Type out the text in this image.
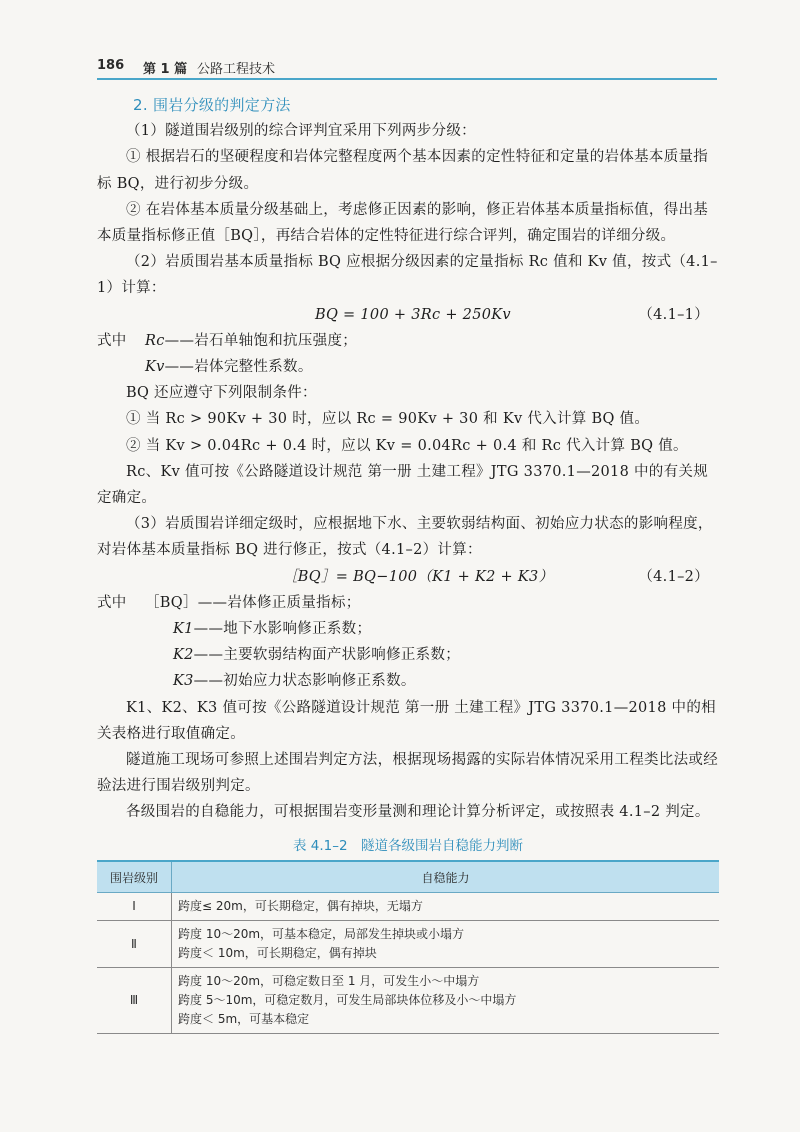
186 第 1 篇 公路工程技术

2. 围岩分级的判定方法

（1）隧道围岩级别的综合评判宜采用下列两步分级：

① 根据岩石的坚硬程度和岩体完整程度两个基本因素的定性特征和定量的岩体基本质量指标 BQ，进行初步分级。

② 在岩体基本质量分级基础上，考虑修正因素的影响，修正岩体基本质量指标值，得出基本质量指标修正值［BQ］，再结合岩体的定性特征进行综合评判，确定围岩的详细分级。

（2）岩质围岩基本质量指标 BQ 应根据分级因素的定量指标 Rc 值和 Kv 值，按式（4.1–1）计算：

BQ = 100 + 3Rc + 250Kv	（4.1–1）
式中 Rc——岩石单轴饱和抗压强度；
Kv——岩体完整性系数。

BQ 还应遵守下列限制条件：

① 当 Rc > 90Kv + 30 时，应以 Rc = 90Kv + 30 和 Kv 代入计算 BQ 值。

② 当 Kv > 0.04Rc + 0.4 时，应以 Kv = 0.04Rc + 0.4 和 Rc 代入计算 BQ 值。

Rc、Kv 值可按《公路隧道设计规范 第一册 土建工程》JTG 3370.1—2018 中的有关规定确定。

（3）岩质围岩详细定级时，应根据地下水、主要软弱结构面、初始应力状态的影响程度，对岩体基本质量指标 BQ 进行修正，按式（4.1–2）计算：

［BQ］= BQ−100（K1 + K2 + K3）	（4.1–2）
式中 ［BQ］——岩体修正质量指标；
K1——地下水影响修正系数；
K2——主要软弱结构面产状影响修正系数；
K3——初始应力状态影响修正系数。

K1、K2、K3 值可按《公路隧道设计规范 第一册 土建工程》JTG 3370.1—2018 中的相关表格进行取值确定。

隧道施工现场可参照上述围岩判定方法，根据现场揭露的实际岩体情况采用工程类比法或经验法进行围岩级别判定。

各级围岩的自稳能力，可根据围岩变形量测和理论计算分析评定，或按照表 4.1–2 判定。

表 4.1–2　隧道各级围岩自稳能力判断
围岩级别	自稳能力
Ⅰ	跨度≤ 20m，可长期稳定，偶有掉块，无塌方

Ⅱ	跨度 10～20m，可基本稳定，局部发生掉块或小塌方
跨度＜ 10m，可长期稳定，偶有掉块

Ⅲ	跨度 10～20m，可稳定数日至 1 月，可发生小～中塌方
跨度 5～10m，可稳定数月，可发生局部块体位移及小～中塌方
跨度＜ 5m，可基本稳定
